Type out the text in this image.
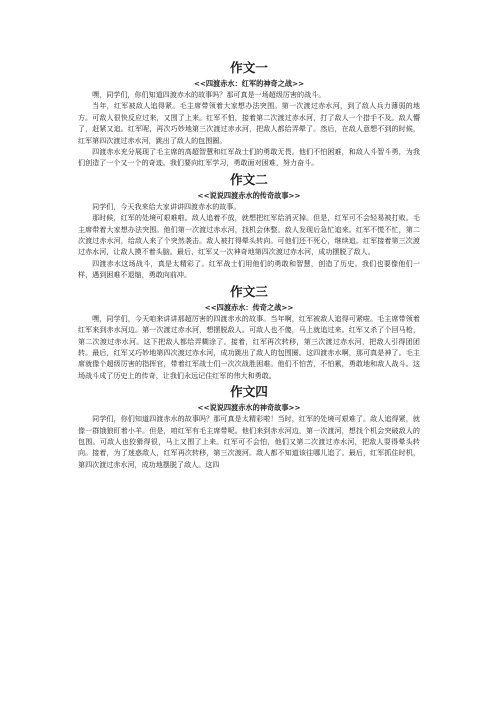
作文一
<<四渡赤水：红军的神奇之战>>

嘿，同学们，你们知道四渡赤水的故事吗？那可真是一场超级厉害的战斗。

当年，红军被敌人追得紧。毛主席带领着大家想办法突围。第一次渡过赤水河，到了敌人兵力薄弱的地方。可敌人很快反应过来，又围了上来。红军不怕，接着第二次渡过赤水河，打了敌人一个措手不及。敌人懵了，赶紧又追。红军呢，再次巧妙地第三次渡过赤水河，把敌人都给弄晕了。然后，在敌人意想不到的时候，红军第四次渡过赤水河，跳出了敌人的包围圈。

四渡赤水充分展现了毛主席的高超智慧和红军战士们的勇敢无畏。他们不怕困难，和敌人斗智斗勇，为我们创造了一个又一个的奇迹。我们要向红军学习，勇敢面对困难，努力奋斗。

作文二
<<说说四渡赤水的传奇故事>>

同学们，今天我来给大家讲讲四渡赤水的故事。

那时候，红军的处境可艰难啦。敌人追着不放，就想把红军给消灭掉。但是，红军可不会轻易被打败。毛主席带着大家想办法突围。他们第一次渡过赤水河，找机会休整。敌人发现后急忙追来。红军不慌不忙，第二次渡过赤水河，给敌人来了个突然袭击。敌人被打得晕头转向。可他们还不死心，继续追。红军接着第三次渡过赤水河，让敌人摸不着头脑。最后，红军又一次神奇地第四次渡过赤水河，成功摆脱了敌人。

四渡赤水这场战斗，真是太精彩了。红军战士们用他们的勇敢和智慧，创造了历史。我们也要像他们一样，遇到困难不退缩，勇敢向前冲。

作文三
<<四渡赤水：传奇之战>>

嘿，同学们，今天咱来讲讲那超厉害的四渡赤水的故事。当年啊，红军被敌人追得可紧啦。毛主席带领着红军来到赤水河边。第一次渡过赤水河，想摆脱敌人。可敌人也不傻，马上就追过来。红军又杀了个回马枪，第二次渡过赤水河。这下把敌人都给弄糊涂了。接着，红军再次转移，第三次渡过赤水河，把敌人引得团团转。最后，红军又巧妙地第四次渡过赤水河，成功跳出了敌人的包围圈。这四渡赤水啊，那可真是神了。毛主席就像个超级厉害的指挥官，带着红军战士们一次次战胜困难。他们不怕苦，不怕累，勇敢地和敌人战斗。这场战斗成了历史上的传奇，让我们永远记住红军的伟大和勇敢。

作文四
<<说说四渡赤水的神奇故事>>

同学们，你们知道四渡赤水的故事吗？那可真是太精彩啦！当时，红军的处境可艰难了。敌人追得紧，就像一群饿狼盯着小羊。但是，咱红军有毛主席带呢。他们来到赤水河边，第一次渡河，想找个机会突破敌人的包围。可敌人也狡猾得很，马上又围了上来。红军可不会怕，他们又第二次渡过赤水河，把敌人耍得晕头转向。接着，为了迷惑敌人，红军再次转移，第三次渡河。敌人都不知道该往哪儿追了。最后，红军抓住时机，第四次渡过赤水河，成功地摆脱了敌人。这四
